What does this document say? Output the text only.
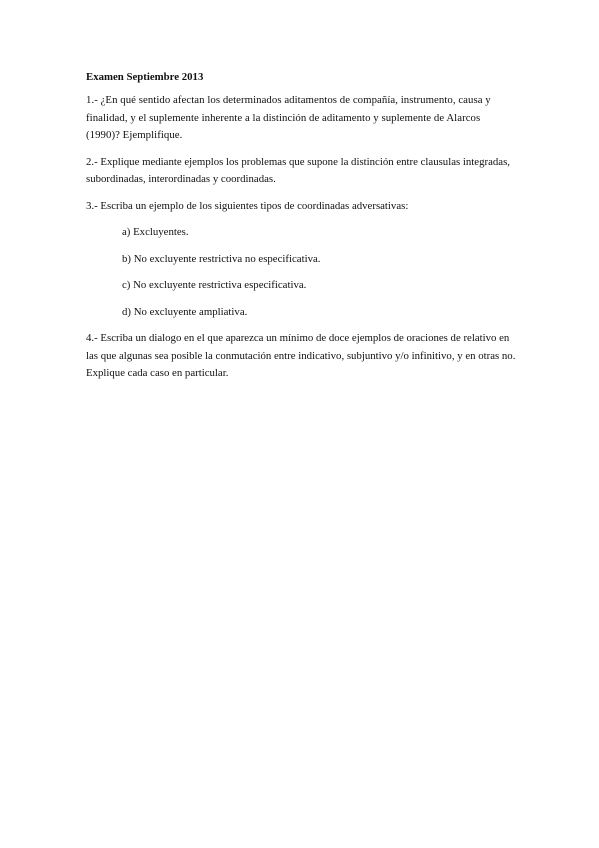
Examen Septiembre 2013
1.- ¿En qué sentido afectan los determinados aditamentos de compañía, instrumento, causa y finalidad, y el suplemente inherente a la distinción de aditamento y suplemente de Alarcos (1990)? Ejemplifique.
2.- Explique mediante ejemplos los problemas que supone la distinción entre clausulas integradas, subordinadas, interordinadas y coordinadas.
3.- Escriba un ejemplo de los siguientes tipos de coordinadas adversativas:
a) Excluyentes.
b) No excluyente restrictiva no especificativa.
c) No excluyente restrictiva especificativa.
d) No excluyente ampliativa.
4.- Escriba un dialogo en el que aparezca un mínimo de doce ejemplos de oraciones de relativo en las que algunas sea posible la conmutación entre indicativo, subjuntivo y/o infinitivo, y en otras no. Explique cada caso en particular.
